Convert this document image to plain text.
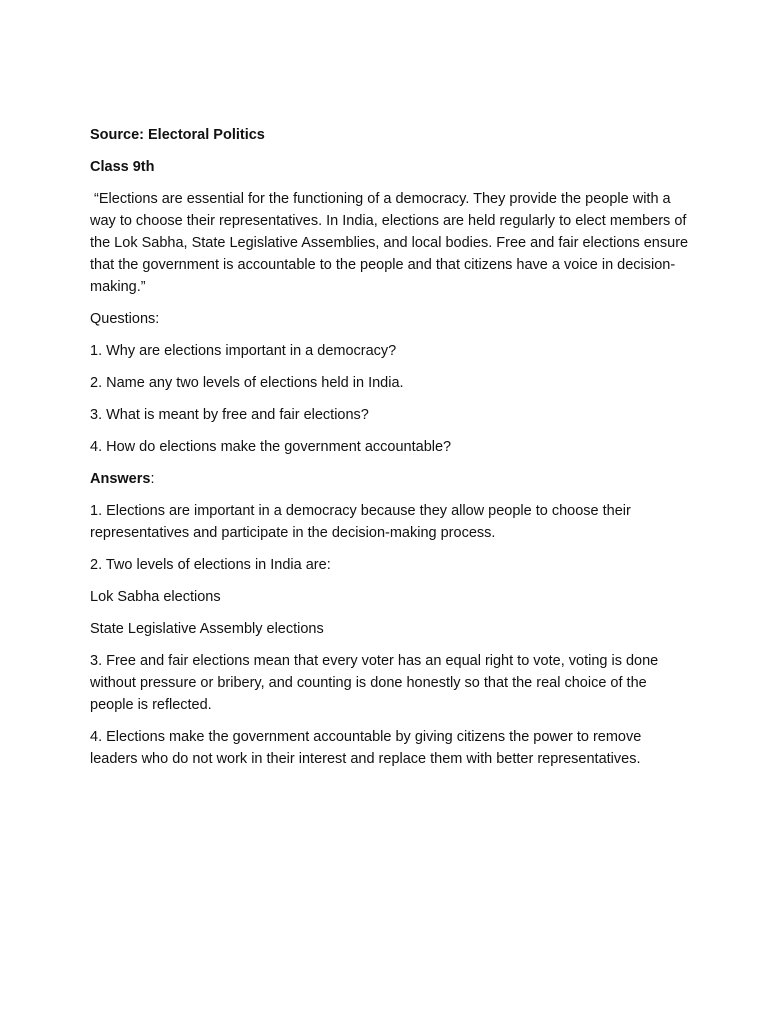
Source: Electoral Politics

Class 9th

“Elections are essential for the functioning of a democracy. They provide the people with a way to choose their representatives. In India, elections are held regularly to elect members of the Lok Sabha, State Legislative Assemblies, and local bodies. Free and fair elections ensure that the government is accountable to the people and that citizens have a voice in decision-making.”

Questions:

1. Why are elections important in a democracy?

2. Name any two levels of elections held in India.

3. What is meant by free and fair elections?

4. How do elections make the government accountable?

Answers:

1. Elections are important in a democracy because they allow people to choose their representatives and participate in the decision-making process.

2. Two levels of elections in India are:

Lok Sabha elections

State Legislative Assembly elections

3. Free and fair elections mean that every voter has an equal right to vote, voting is done without pressure or bribery, and counting is done honestly so that the real choice of the people is reflected.

4. Elections make the government accountable by giving citizens the power to remove leaders who do not work in their interest and replace them with better representatives.
